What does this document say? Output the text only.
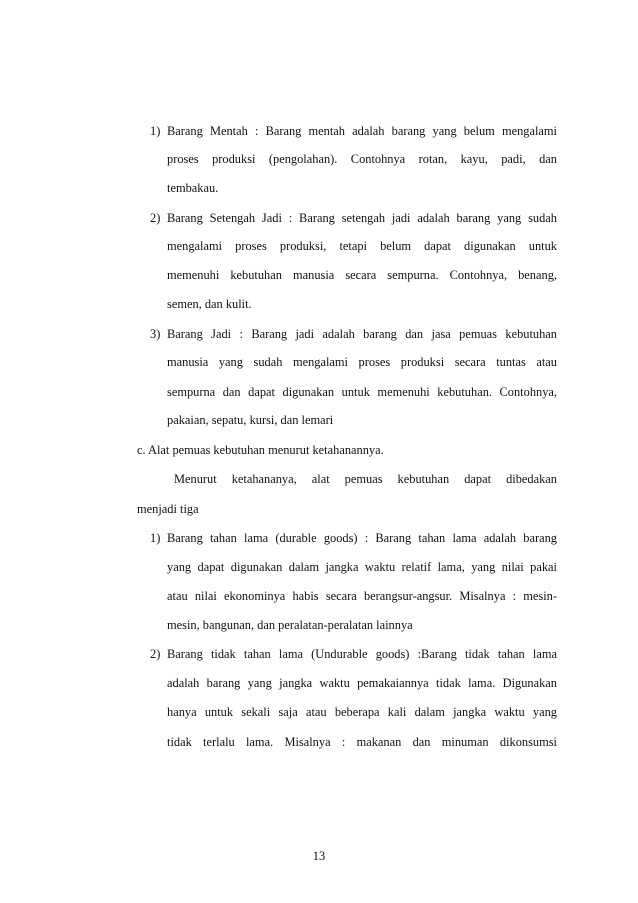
1) Barang Mentah : Barang mentah adalah barang yang belum mengalami
proses produksi (pengolahan). Contohnya rotan, kayu, padi, dan
tembakau.
2) Barang Setengah Jadi : Barang setengah jadi adalah barang yang sudah
mengalami proses produksi, tetapi belum dapat digunakan untuk
memenuhi kebutuhan manusia secara sempurna. Contohnya, benang,
semen, dan kulit.
3) Barang Jadi : Barang jadi adalah barang dan jasa pemuas kebutuhan
manusia yang sudah mengalami proses produksi secara tuntas atau
sempurna dan dapat digunakan untuk memenuhi kebutuhan. Contohnya,
pakaian, sepatu, kursi, dan lemari
c. Alat pemuas kebutuhan menurut ketahanannya.
Menurut ketahananya, alat pemuas kebutuhan dapat dibedakan
menjadi tiga
1) Barang tahan lama (durable goods) : Barang tahan lama adalah barang
yang dapat digunakan dalam jangka waktu relatif lama, yang nilai pakai
atau nilai ekonominya habis secara berangsur-angsur. Misalnya : mesin-
mesin, bangunan, dan peralatan-peralatan lainnya
2) Barang tidak tahan lama (Undurable goods) :Barang tidak tahan lama
adalah barang yang jangka waktu pemakaiannya tidak lama. Digunakan
hanya untuk sekali saja atau beberapa kali dalam jangka waktu yang
tidak terlalu lama. Misalnya : makanan dan minuman dikonsumsi
13
